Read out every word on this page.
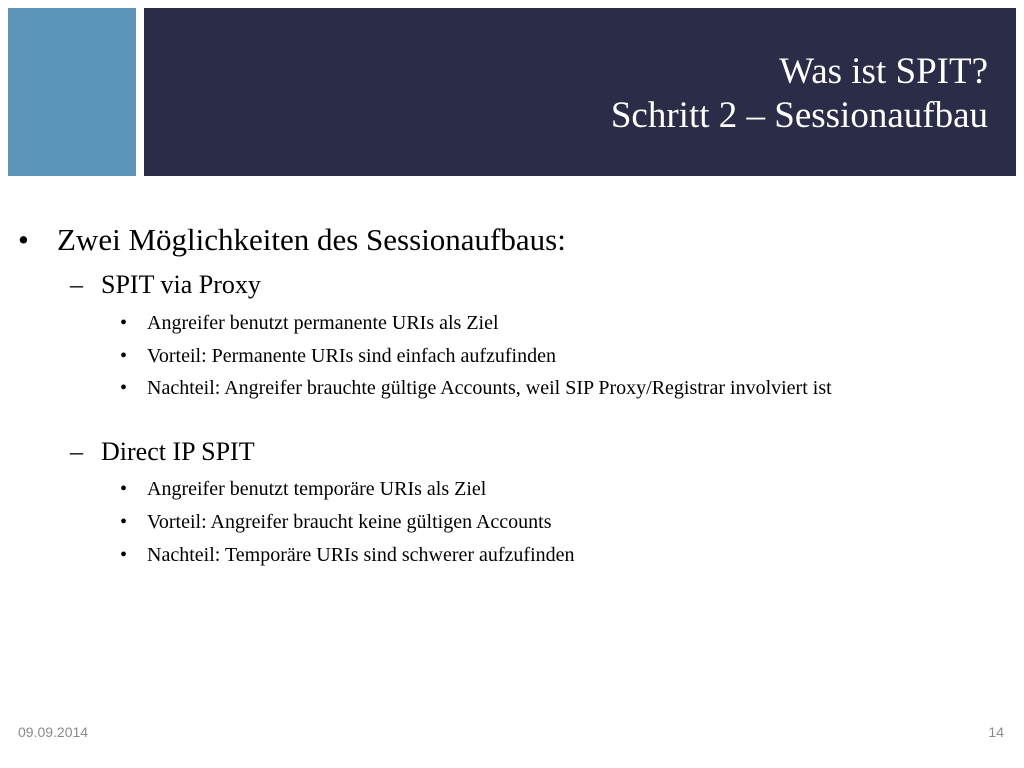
Was ist SPIT?
Schritt 2 – Sessionaufbau
• Zwei Möglichkeiten des Sessionaufbaus:
– SPIT via Proxy
• Angreifer benutzt permanente URIs als Ziel
• Vorteil: Permanente URIs sind einfach aufzufinden
• Nachteil: Angreifer brauchte gültige Accounts, weil SIP Proxy/Registrar involviert ist
– Direct IP SPIT
• Angreifer benutzt temporäre URIs als Ziel
• Vorteil: Angreifer braucht keine gültigen Accounts
• Nachteil: Temporäre URIs sind schwerer aufzufinden
09.09.2014	14
